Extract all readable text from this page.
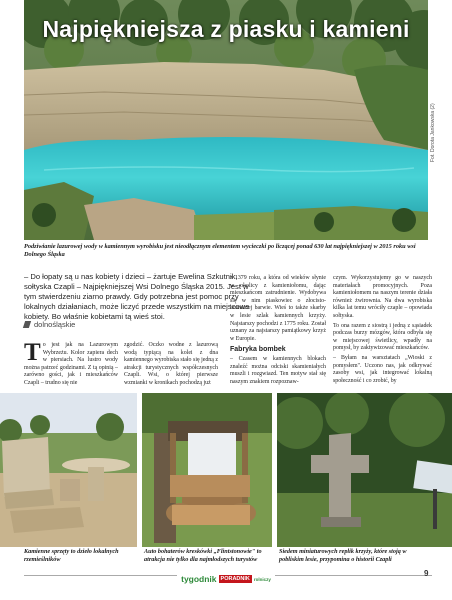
Najpiękniejsza z piasku i kamieni
Fot. Dorota Jankowska (2)
Podziwianie lazurowej wody w kamiennym wyrobisku jest nieodłącznym elementem wycieczki po liczącej ponad 630 lat najpiękniejszej w 2015 roku wsi Dolnego Śląska
– Do łopaty są u nas kobiety i dzieci – żartuje Ewelina Szkutnik, sołtyska Czapli – Najpiękniejszej Wsi Dolnego Śląska 2015. Jest w tym stwierdzeniu ziarno prawdy. Gdy potrzebna jest pomoc przy lokalnych działaniach, może liczyć przede wszystkim na miejscowe kobiety. Bo właśnie kobietami tą wieś stoi.
dolnośląskie

To jest jak na Lazurowym Wybrzeżu. Kolor zapiera dech w piersiach. Na lustro wody można patrzeć godzinami. Z tą opinią – zarówno gości, jak i mieszkańców Czapli – trudno się nie

zgodzić. Oczko wodne z lazurową wodą typiącą na kolei z dna kamiennego wyrobiska stało się jedną z atrakcji turystycznych współczesnych Czapli. Wsi, o której pierwsze wzmianki w kronikach pochodzą już

z 1379 roku, a która od wieków słynie w okolicy z kamieniołomu, dając mieszkańcom zatrudnienie. Wydobywa się w nim piaskowiec o złocisto-brunatnej barwie. Wieś to także skarby w lesie szlak kamiennych krzyży. Najstarszy pochodzi z 1775 roku. Został uznany za najstarszy pamiątkowy krzyż w Europie.

Fabryka bombek

– Czasem w kamiennych blokach znaleźć można odciski skamieniałych muszli i rozgwiazd. Ten motyw stał się naszym znakiem rozpoznaw-

czym. Wykorzystujemy go w naszych materiałach promocyjnych. Poza kamieniołomem na naszym terenie działa również żwirownia. Na dwa wyrobiska kilka lat temu wróciły czaple – opowiada sołtyska.

To ona razem z siostrą i jedną z sąsiadek podczas burzy mózgów, która odbyła się w miejscowej świetlicy, wpadły na pomysł, by zaktywizować mieszkańców.

– Byłam na warsztatach „Wioski z pomysłem". Uczono nas, jak odkrywać zasoby wsi, jak integrować lokalną społeczność i co zrobić, by

Kamienne sprzęty to dzieło lokalnych rzemieślników
Auto bohaterów kreskówki „Flintstonowie" to atrakcja nie tylko dla najmłodszych turystów
Siedem miniaturowych replik krzyży, które stoją w pobliskim lesie, przypomina o historii Czapli
tygodnik PORADNIK rolniczy
9
